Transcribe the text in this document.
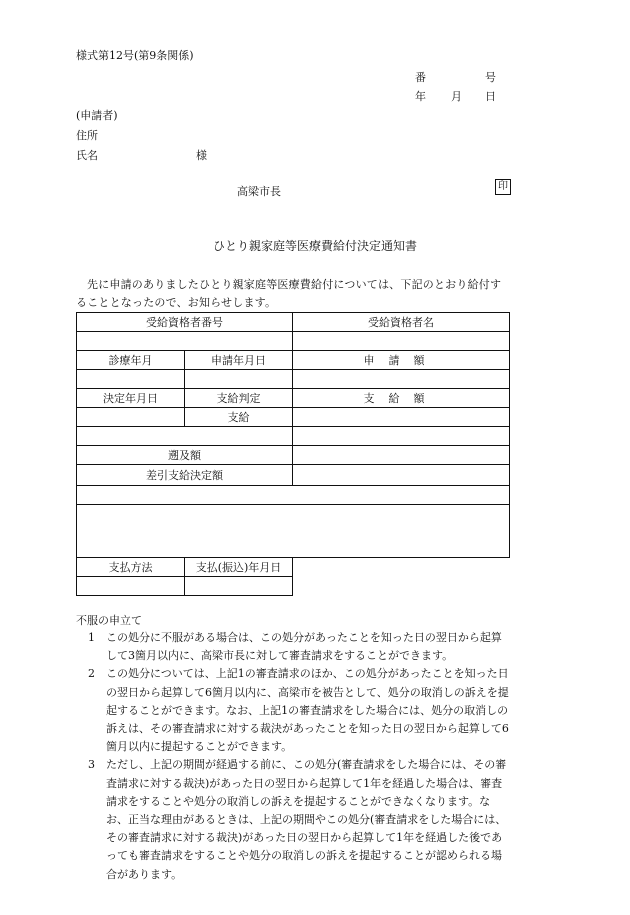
様式第12号(第9条関係)
番	号
年 月 日
(申請者)
住所
氏名	様
高梁市長	印
ひとり親家庭等医療費給付決定通知書
先に申請のありましたひとり親家庭等医療費給付については、下記のとおり給付することとなったので、お知らせします。
受給資格者番号		受給資格者名

診療年月	申請年月日	申請額

決定年月日	支給判定	支給額
	支給	

遡及額		
差引支給決定額		

支払方法	支払(振込)年月日	

不服の申立て
1 この処分に不服がある場合は、この処分があったことを知った日の翌日から起算して3箇月以内に、高梁市長に対して審査請求をすることができます。
2 この処分については、上記1の審査請求のほか、この処分があったことを知った日の翌日から起算して6箇月以内に、高梁市を被告として、処分の取消しの訴えを提起することができます。なお、上記1の審査請求をした場合には、処分の取消しの訴えは、その審査請求に対する裁決があったことを知った日の翌日から起算して6箇月以内に提起することができます。
3 ただし、上記の期間が経過する前に、この処分(審査請求をした場合には、その審査請求に対する裁決)があった日の翌日から起算して1年を経過した場合は、審査請求をすることや処分の取消しの訴えを提起することができなくなります。なお、正当な理由があるときは、上記の期間やこの処分(審査請求をした場合には、その審査請求に対する裁決)があった日の翌日から起算して1年を経過した後であっても審査請求をすることや処分の取消しの訴えを提起することが認められる場合があります。
